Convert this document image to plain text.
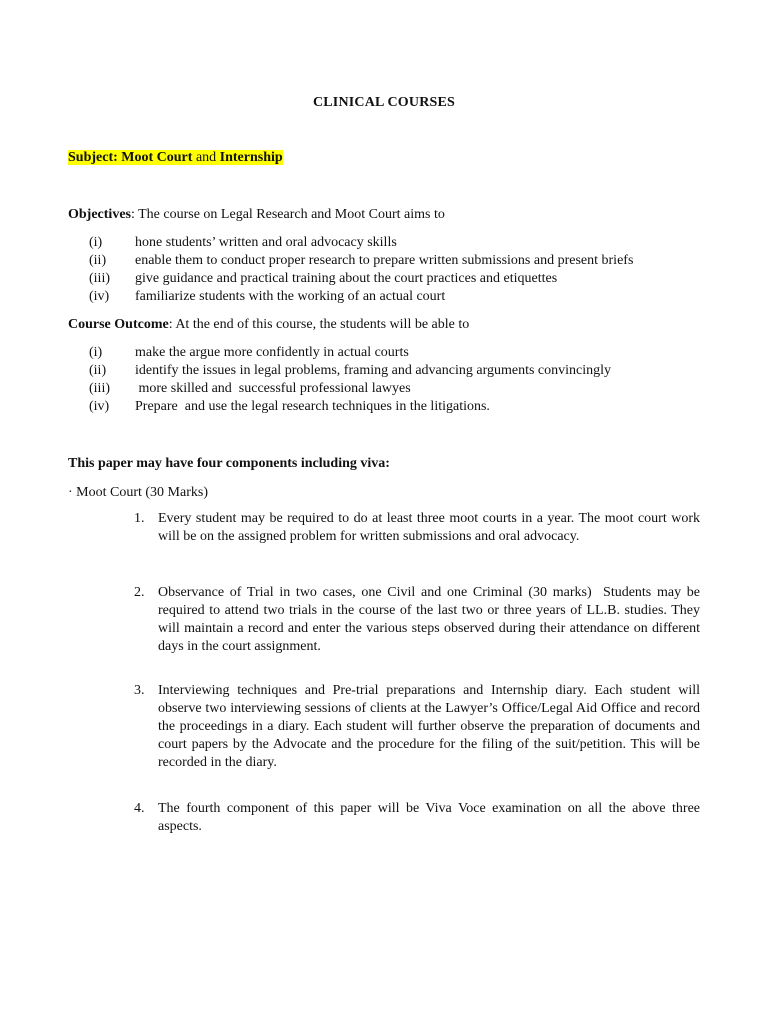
CLINICAL COURSES
Subject: Moot Court and Internship
Objectives: The course on Legal Research and Moot Court aims to
(i)	hone students’ written and oral advocacy skills
(ii)	enable them to conduct proper research to prepare written submissions and present briefs
(iii)	give guidance and practical training about the court practices and etiquettes
(iv)	familiarize students with the working of an actual court
Course Outcome: At the end of this course, the students will be able to
(i)	make the argue more confidently in actual courts
(ii)	identify the issues in legal problems, framing and advancing arguments convincingly
(iii)	more skilled and  successful professional lawyes
(iv)	Prepare  and use the legal research techniques in the litigations.
This paper may have four components including viva:
· Moot Court (30 Marks)
1. Every student may be required to do at least three moot courts in a year. The moot court work will be on the assigned problem for written submissions and oral advocacy.
2. Observance of Trial in two cases, one Civil and one Criminal (30 marks)  Students may be required to attend two trials in the course of the last two or three years of LL.B. studies. They will maintain a record and enter the various steps observed during their attendance on different days in the court assignment.
3. Interviewing techniques and Pre-trial preparations and Internship diary. Each student will observe two interviewing sessions of clients at the Lawyer’s Office/Legal Aid Office and record the proceedings in a diary. Each student will further observe the preparation of documents and court papers by the Advocate and the procedure for the filing of the suit/petition. This will be recorded in the diary.
4. The fourth component of this paper will be Viva Voce examination on all the above three aspects.
